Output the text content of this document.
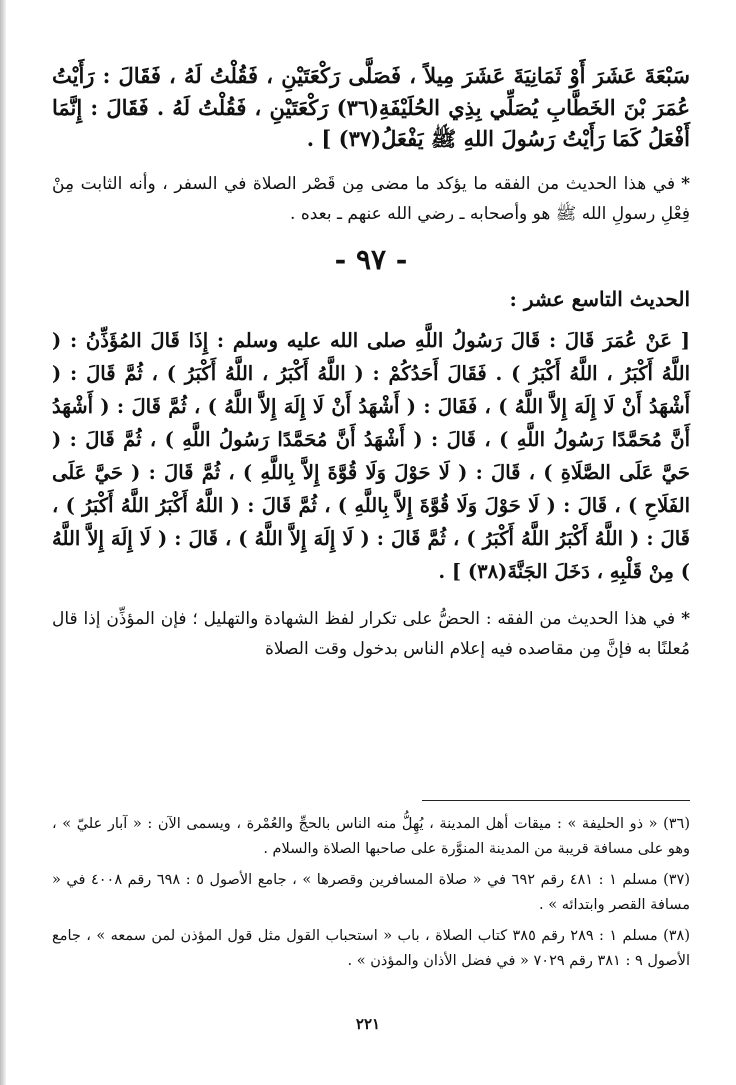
سَبْعَةَ عَشَرَ أَوْ ثَمَانِيَةَ عَشَرَ مِيلاً ، فَصَلَّى رَكْعَتَيْنِ ، فَقُلْتُ لَهُ ، فَقَالَ : رَأَيْتُ عُمَرَ بْنَ الخَطَّابِ يُصَلِّي بِذِي الحُلَيْفَةِ(٣٦) رَكْعَتَيْنِ ، فَقُلْتُ لَهُ . فَقَالَ : إِنَّمَا أَفْعَلُ كَمَا رَأَيْتُ رَسُولَ اللهِ ﷺ يَفْعَلُ(٣٧) ] .

*في هذا الحديث من الفقه ما يؤكد ما مضى مِن قَصْر الصلاة في السفر ، وأنه الثابت مِنْ فِعْلِ رسولِ الله ﷺ هو وأصحابه ـ رضي الله عنهم ـ بعده .

- ٩٧ -
الحديث التاسع عشر :

[ عَنْ عُمَرَ قَالَ : قَالَ رَسُولُ اللَّهِ صلى الله عليه وسلم : إِذَا قَالَ المُؤَذِّنُ : ( اللَّهُ أَكْبَرُ ، اللَّهُ أَكْبَرُ ) . فَقَالَ أَحَدُكُمْ : ( اللَّهُ أَكْبَرُ ، اللَّهُ أَكْبَرُ ) ، ثُمَّ قَالَ : ( أَشْهَدُ أَنْ لَا إِلَهَ إِلاَّ اللَّهُ ) ، فَقَالَ : ( أَشْهَدُ أَنْ لَا إِلَهَ إِلاَّ اللَّهُ ) ، ثُمَّ قَالَ : ( أَشْهَدُ أَنَّ مُحَمَّدًا رَسُولُ اللَّهِ ) ، قَالَ : ( أَشْهَدُ أَنَّ مُحَمَّدًا رَسُولُ اللَّهِ ) ، ثُمَّ قَالَ : ( حَيَّ عَلَى الصَّلَاةِ ) ، قَالَ : ( لَا حَوْلَ وَلَا قُوَّةَ إِلاَّ بِاللَّهِ ) ، ثُمَّ قَالَ : ( حَيَّ عَلَى الفَلَاحِ ) ، قَالَ : ( لَا حَوْلَ وَلَا قُوَّةَ إِلاَّ بِاللَّهِ ) ، ثُمَّ قَالَ : ( اللَّهُ أَكْبَرُ اللَّهُ أَكْبَرُ ) ، قَالَ : ( اللَّهُ أَكْبَرُ اللَّهُ أَكْبَرُ ) ، ثُمَّ قَالَ : ( لَا إِلَهَ إِلاَّ اللَّهُ ) ، قَالَ : ( لَا إِلَهَ إِلاَّ اللَّهُ ) مِنْ قَلْبِهِ ، دَخَلَ الجَنَّةَ(٣٨) ] .

*في هذا الحديث من الفقه : الحضُّ على تكرار لفظ الشهادة والتهليل ؛ فإن المؤذِّن إذا قال مُعلنًا به فإنَّ مِن مقاصده فيه إعلام الناس بدخول وقت الصلاة

(٣٦) « ذو الحليفة » : ميقات أهل المدينة ، يُهِلُّ منه الناس بالحجِّ والعُمْرة ، ويسمى الآن : « آبار عليّ » ، وهو على مسافة قريبة من المدينة المنوَّرة على صاحبها الصلاة والسلام .

(٣٧) مسلم ١ : ٤٨١ رقم ٦٩٢ في « صلاة المسافرين وقصرها » ، جامع الأصول ٥ : ٦٩٨ رقم ٤٠٠٨ في « مسافة القصر وابتدائه » .

(٣٨) مسلم ١ : ٢٨٩ رقم ٣٨٥ كتاب الصلاة ، باب « استحباب القول مثل قول المؤذن لمن سمعه » ، جامع الأصول ٩ : ٣٨١ رقم ٧٠٢٩ « في فضل الأذان والمؤذن » .

٢٢١
